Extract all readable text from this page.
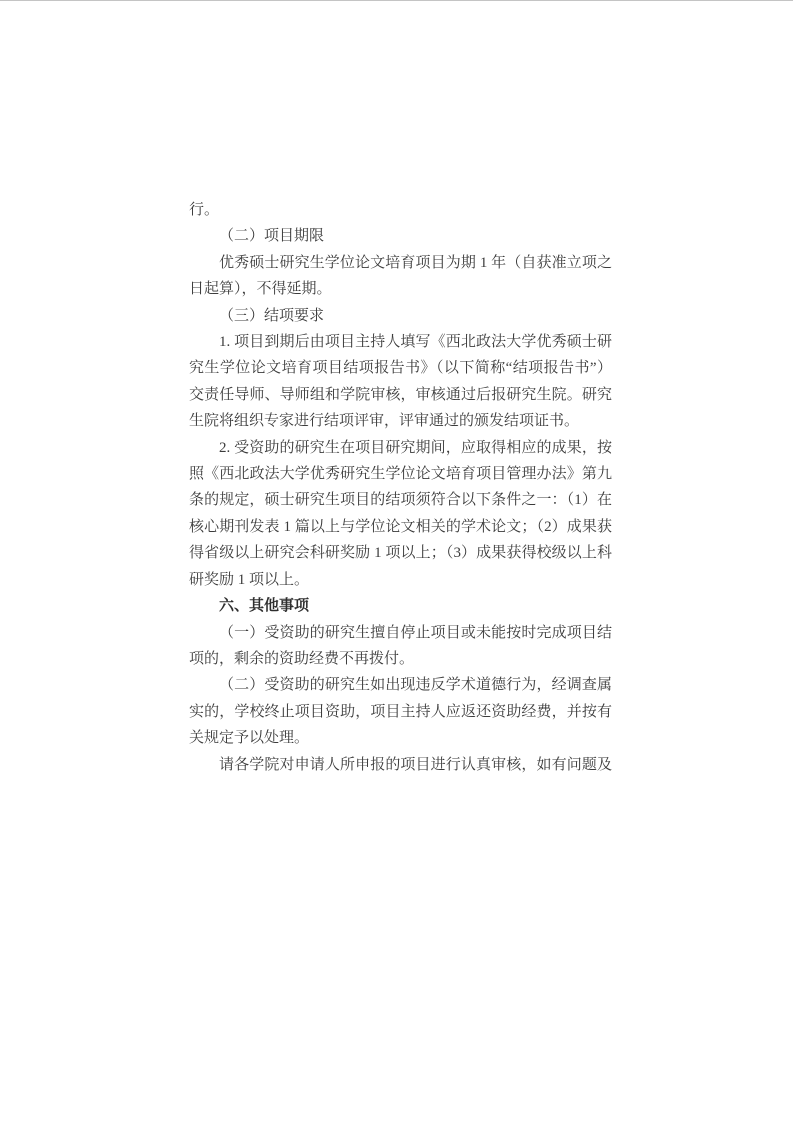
行。

（二）项目期限

优秀硕士研究生学位论文培育项目为期 1 年（自获准立项之日起算），不得延期。

（三）结项要求

1. 项目到期后由项目主持人填写《西北政法大学优秀硕士研究生学位论文培育项目结项报告书》（以下简称“结项报告书”）交责任导师、导师组和学院审核，审核通过后报研究生院。研究生院将组织专家进行结项评审，评审通过的颁发结项证书。

2. 受资助的研究生在项目研究期间，应取得相应的成果，按照《西北政法大学优秀研究生学位论文培育项目管理办法》第九条的规定，硕士研究生项目的结项须符合以下条件之一：（1）在核心期刊发表 1 篇以上与学位论文相关的学术论文；（2）成果获得省级以上研究会科研奖励 1 项以上；（3）成果获得校级以上科研奖励 1 项以上。

六、其他事项

（一）受资助的研究生擅自停止项目或未能按时完成项目结项的，剩余的资助经费不再拨付。

（二）受资助的研究生如出现违反学术道德行为，经调查属实的，学校终止项目资助，项目主持人应返还资助经费，并按有关规定予以处理。

请各学院对申请人所申报的项目进行认真审核，如有问题及
